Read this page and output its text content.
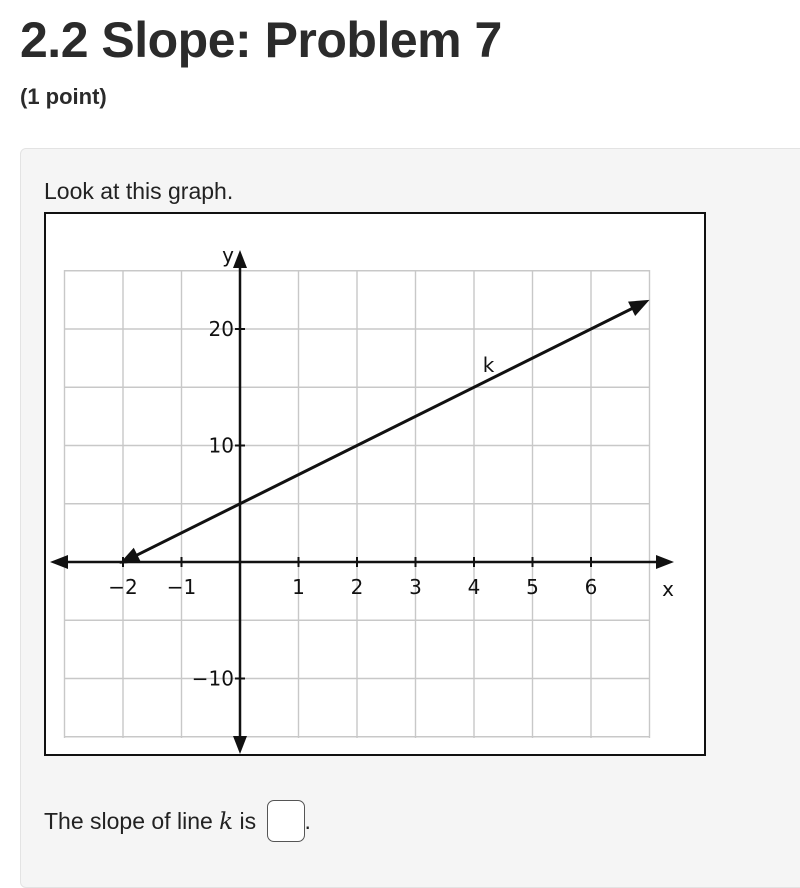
2.2 Slope: Problem 7
(1 point)
Look at this graph.
−2 −1	1 2 3 4 5 6
20
10
−10
x
y
k
The slope of line k is .
